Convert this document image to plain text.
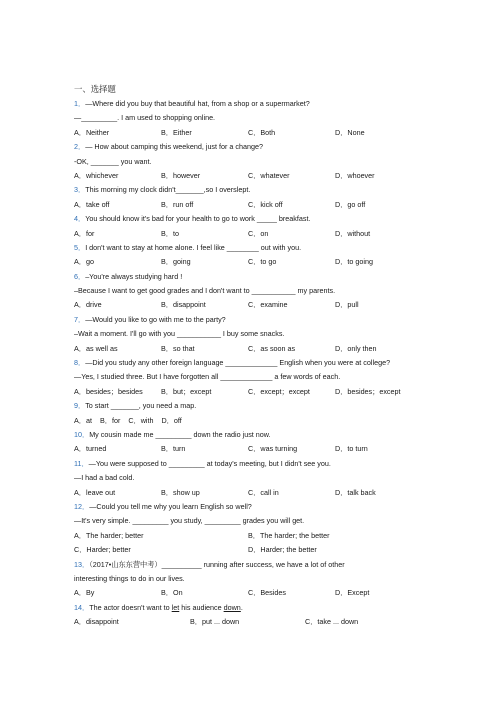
一、选择题
1．—Where did you buy that beautiful hat, from a shop or a supermarket?
—_________. I am used to shopping online.
A．Neither	B．Either	C．Both	D．None
2．— How about camping this weekend, just for a change?
-OK, _______ you want.
A．whichever	B．however	C．whatever	D．whoever
3．This morning my clock didn't_______,so I overslept.
A．take off	B．run off	C．kick off	D．go off
4．You should know it's bad for your health to go to work _____ breakfast.
A．for	B．to	C．on	D．without
5．I don't want to stay at home alone. I feel like ________ out with you.
A．go	B．going	C．to go	D．to going
6．–You're always studying hard !
–Because I want to get good grades and I don't want to ___________ my parents.
A．drive	B．disappoint	C．examine	D．pull
7．—Would you like to go with me to the party?
–Wait a moment. I'll go with you ___________ I buy some snacks.
A．as well as	B．so that	C．as soon as	D．only then
8．—Did you study any other foreign language _____________ English when you were at college?
—Yes, I studied three. But I have forgotten all _____________ a few words of each.
A．besides；besides	B．but；except	C．except；except	D．besides；except
9．To start _______, you need a map.
A．at    B．for    C．with    D．off
10．My cousin made me _________ down the radio just now.
A．turned	B．turn	C．was turning	D．to turn
11．—You were supposed to _________ at today's meeting, but I didn't see you.
—I had a bad cold.
A．leave out	B．show up	C．call in	D．talk back
12．—Could you tell me why you learn English so well?
—It's very simple. _________ you study, _________ grades you will get.
A．The harder; better	B．The harder; the better
C．Harder; better	D．Harder; the better
13．（2017•山东东营中考）__________ running after success, we have a lot of other
interesting things to do in our lives.
A．By	B．On	C．Besides	D．Except
14．The actor doesn't want to let his audience down.
A．disappoint	B．put ... down	C．take ... down
